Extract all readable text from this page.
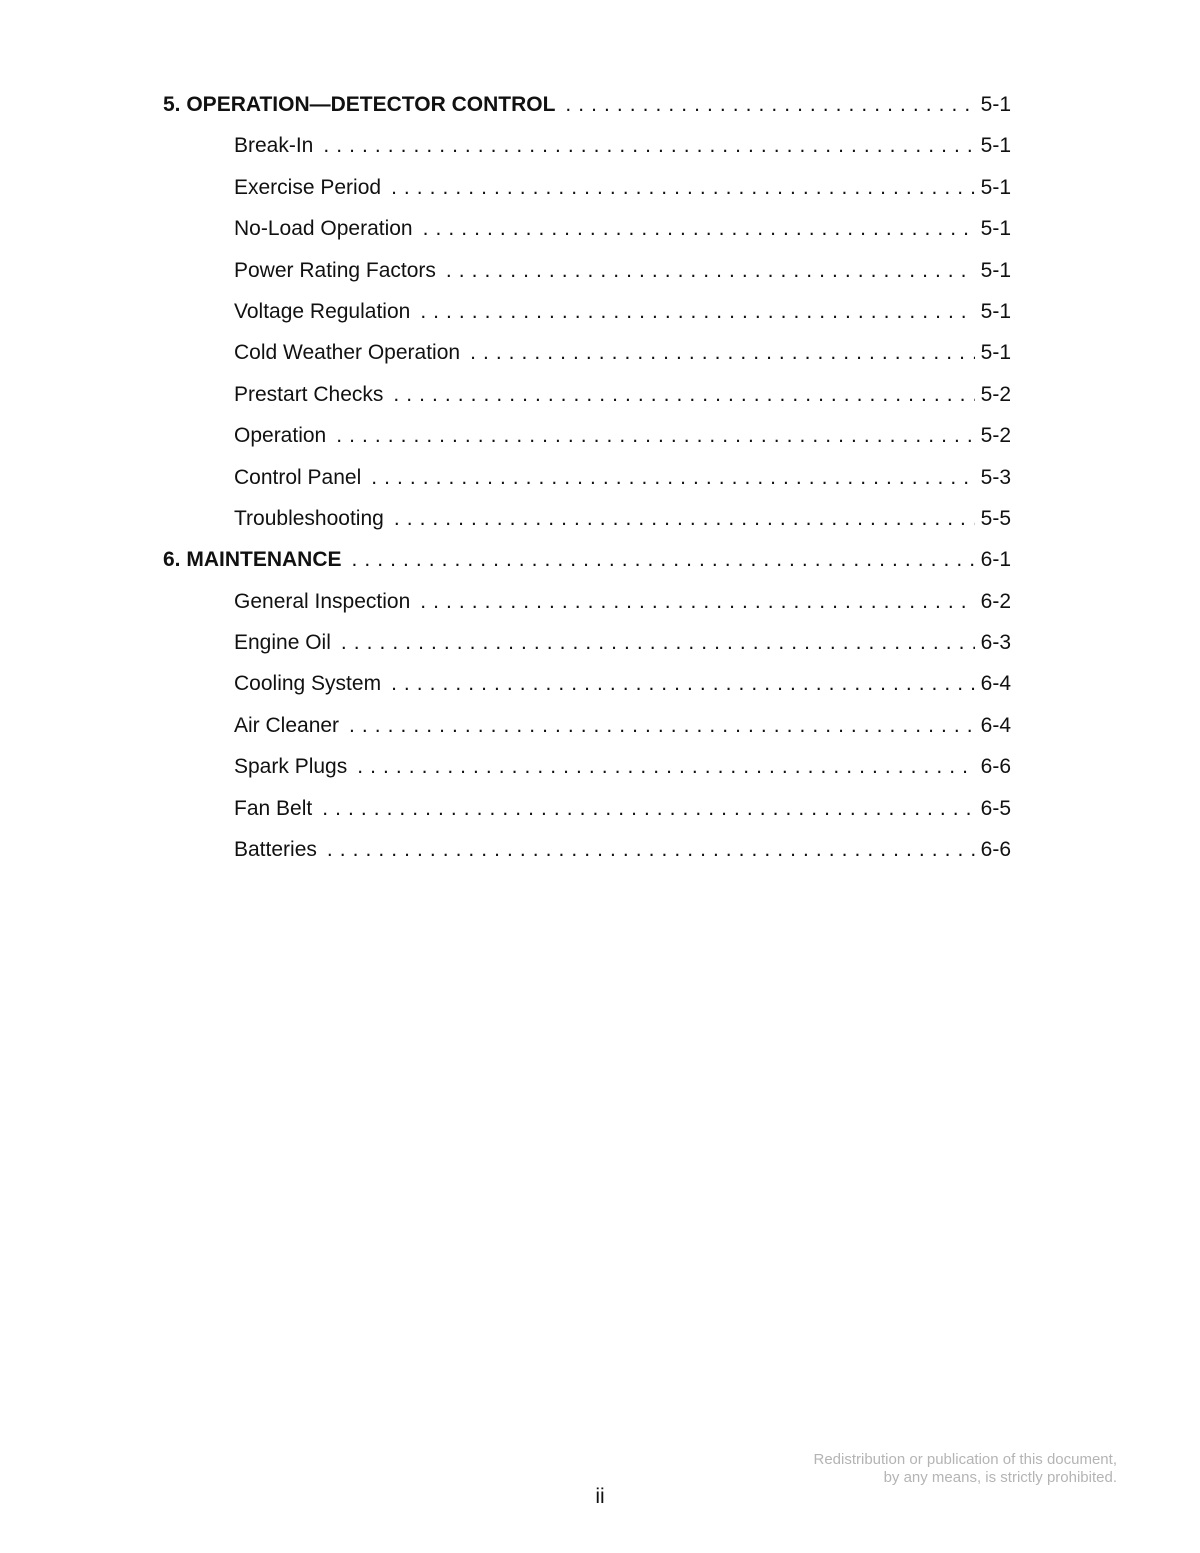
5. OPERATION—DETECTOR CONTROL . . .	5-1
Break-In . . .	5-1
Exercise Period . . .	5-1
No-Load Operation . . .	5-1
Power Rating Factors . . .	5-1
Voltage Regulation . . .	5-1
Cold Weather Operation . . .	5-1
Prestart Checks . . .	5-2
Operation . . .	5-2
Control Panel . . .	5-3
Troubleshooting . . .	5-5
6. MAINTENANCE . . .	6-1
General Inspection . . .	6-2
Engine Oil . . .	6-3
Cooling System . . .	6-4
Air Cleaner . . .	6-4
Spark Plugs . . .	6-6
Fan Belt . . .	6-5
Batteries . . .	6-6
Redistribution or publication of this document,
by any means, is strictly prohibited.
ii
